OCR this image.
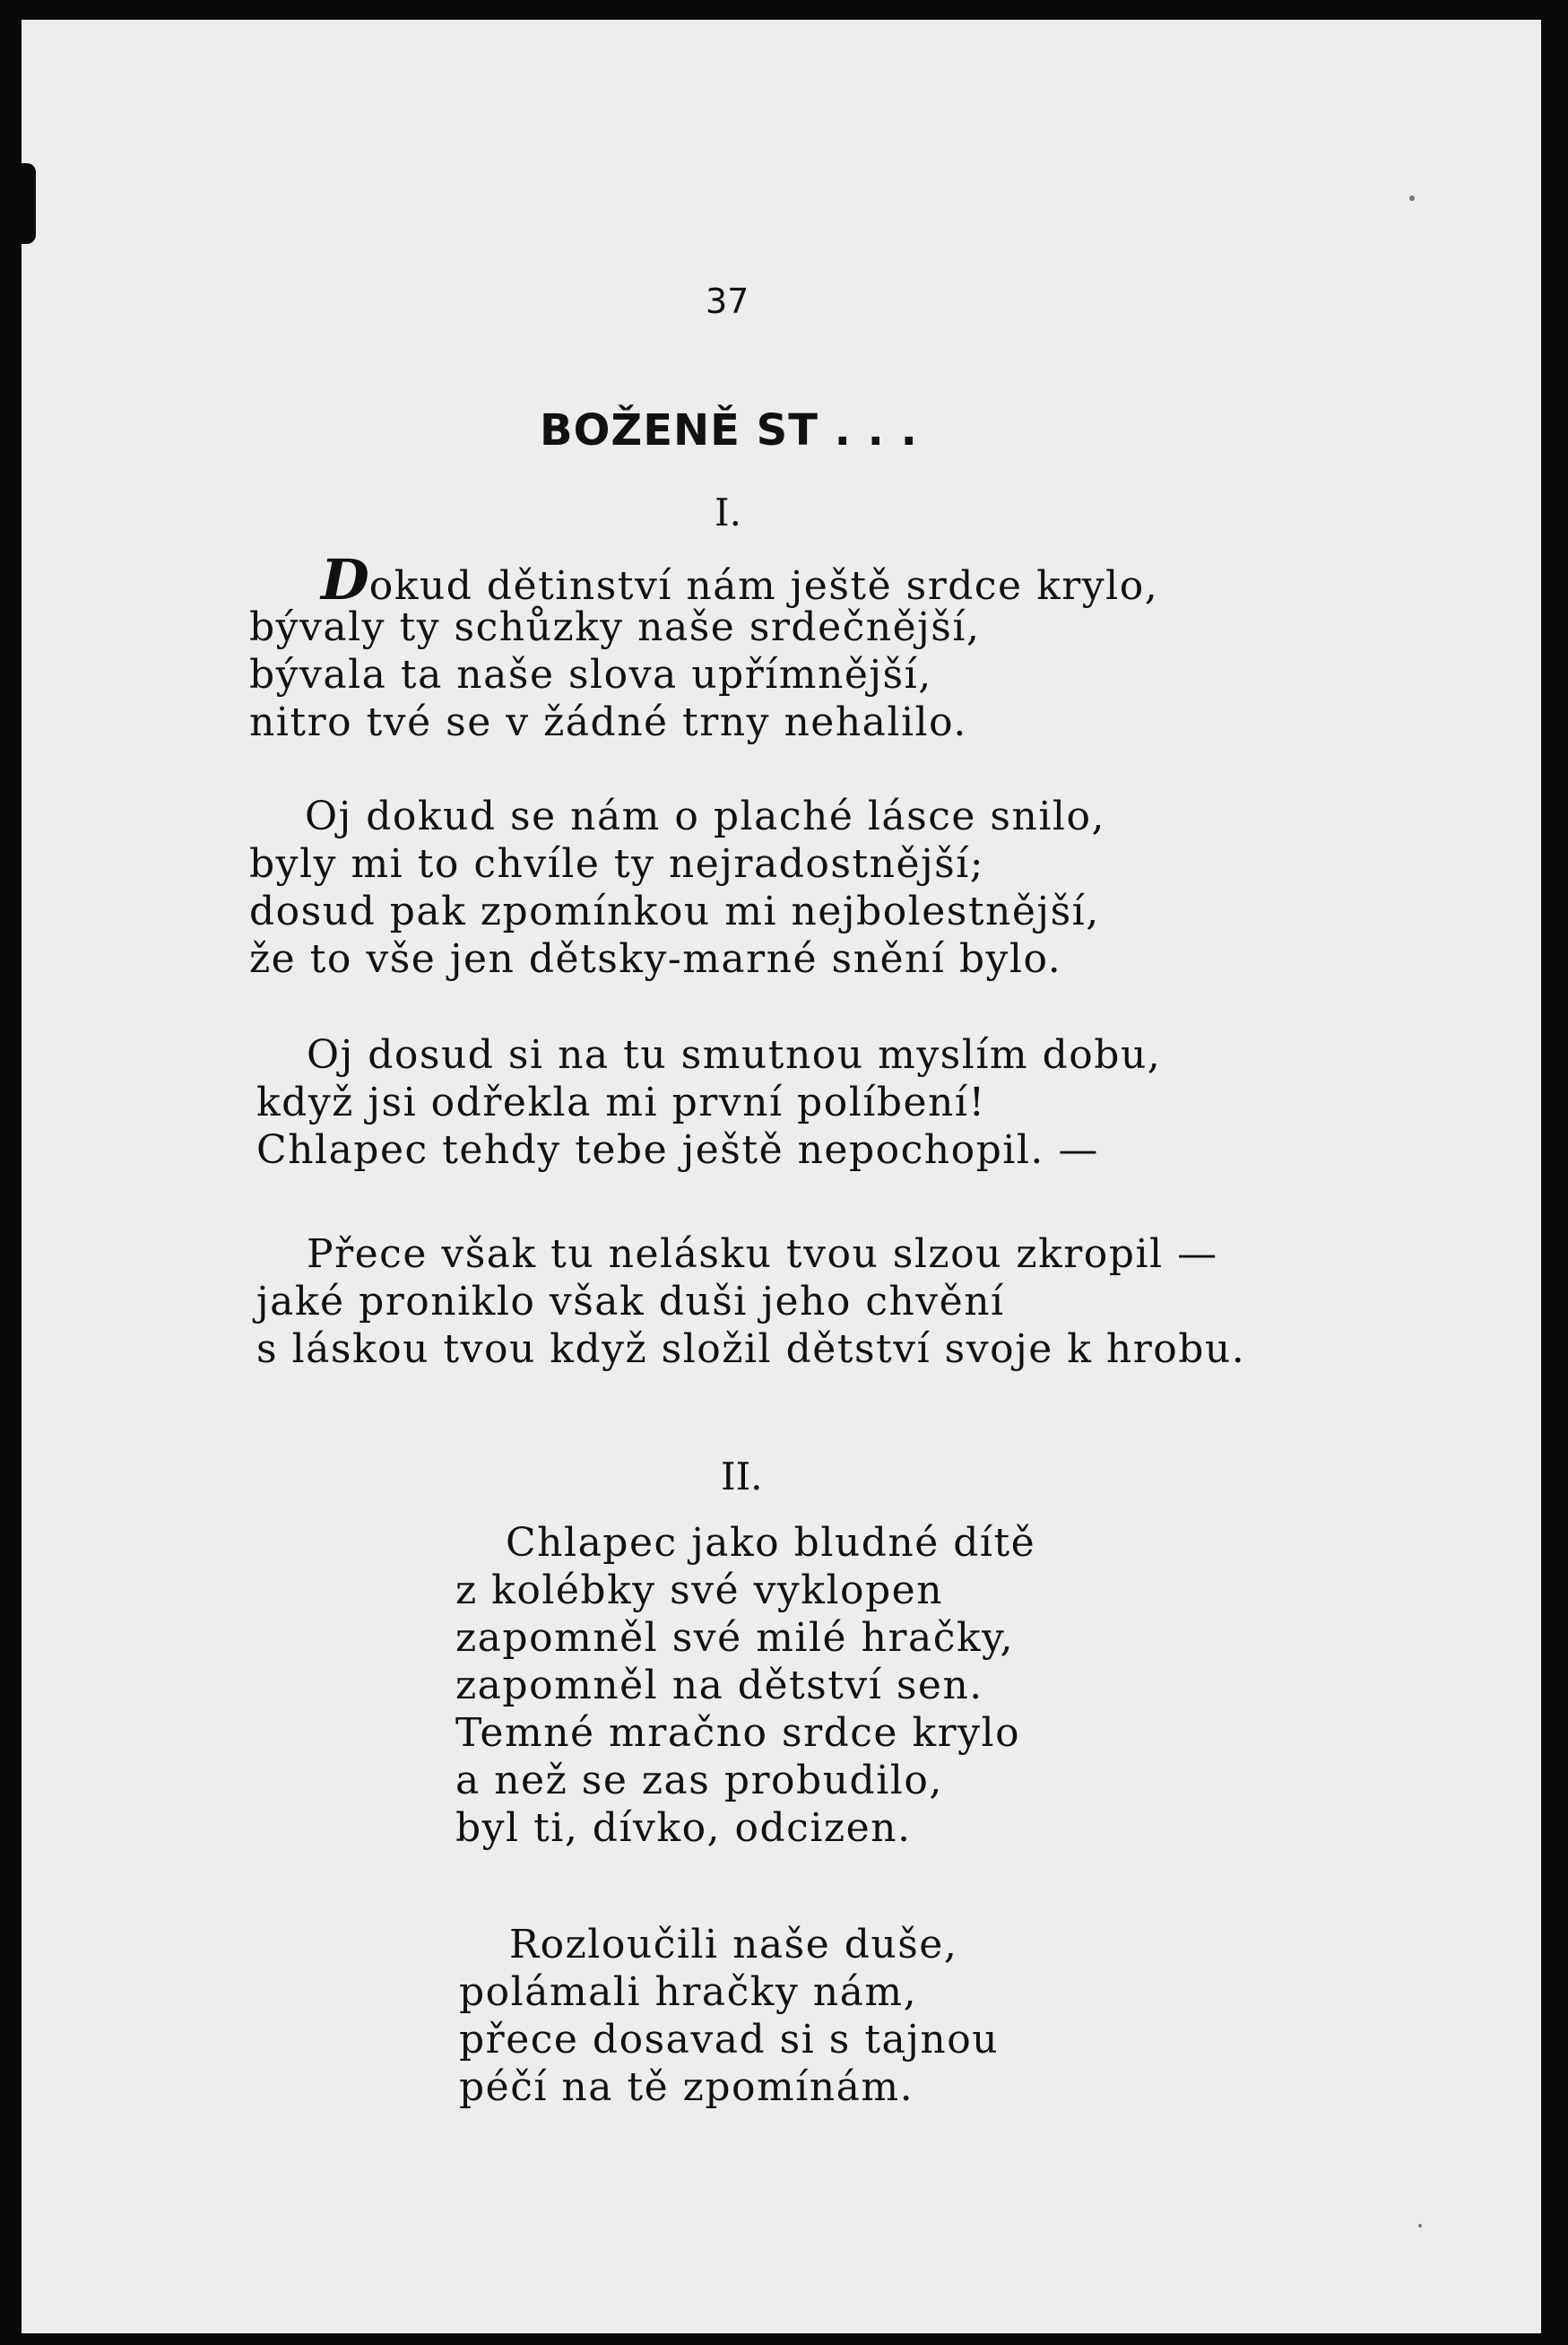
37
BOŽENĚ ST . . .
I.
Dokud dětinství nám ještě srdce krylo,
bývaly ty schůzky naše srdečnější,
bývala ta naše slova upřímnější,
nitro tvé se v žádné trny nehalilo.
Oj dokud se nám o plaché lásce snilo,
byly mi to chvíle ty nejradostnější;
dosud pak zpomínkou mi nejbolestnější,
že to vše jen dětsky-marné snění bylo.
Oj dosud si na tu smutnou myslím dobu,
když jsi odřekla mi první políbení!
Chlapec tehdy tebe ještě nepochopil. —
Přece však tu nelásku tvou slzou zkropil —
jaké proniklo však duši jeho chvění
s láskou tvou když složil dětství svoje k hrobu.
II.
Chlapec jako bludné dítě
z kolébky své vyklopen
zapomněl své milé hračky,
zapomněl na dětství sen.
Temné mračno srdce krylo
a než se zas probudilo,
byl ti, dívko, odcizen.
Rozloučili naše duše,
polámali hračky nám,
přece dosavad si s tajnou
péčí na tě zpomínám.
